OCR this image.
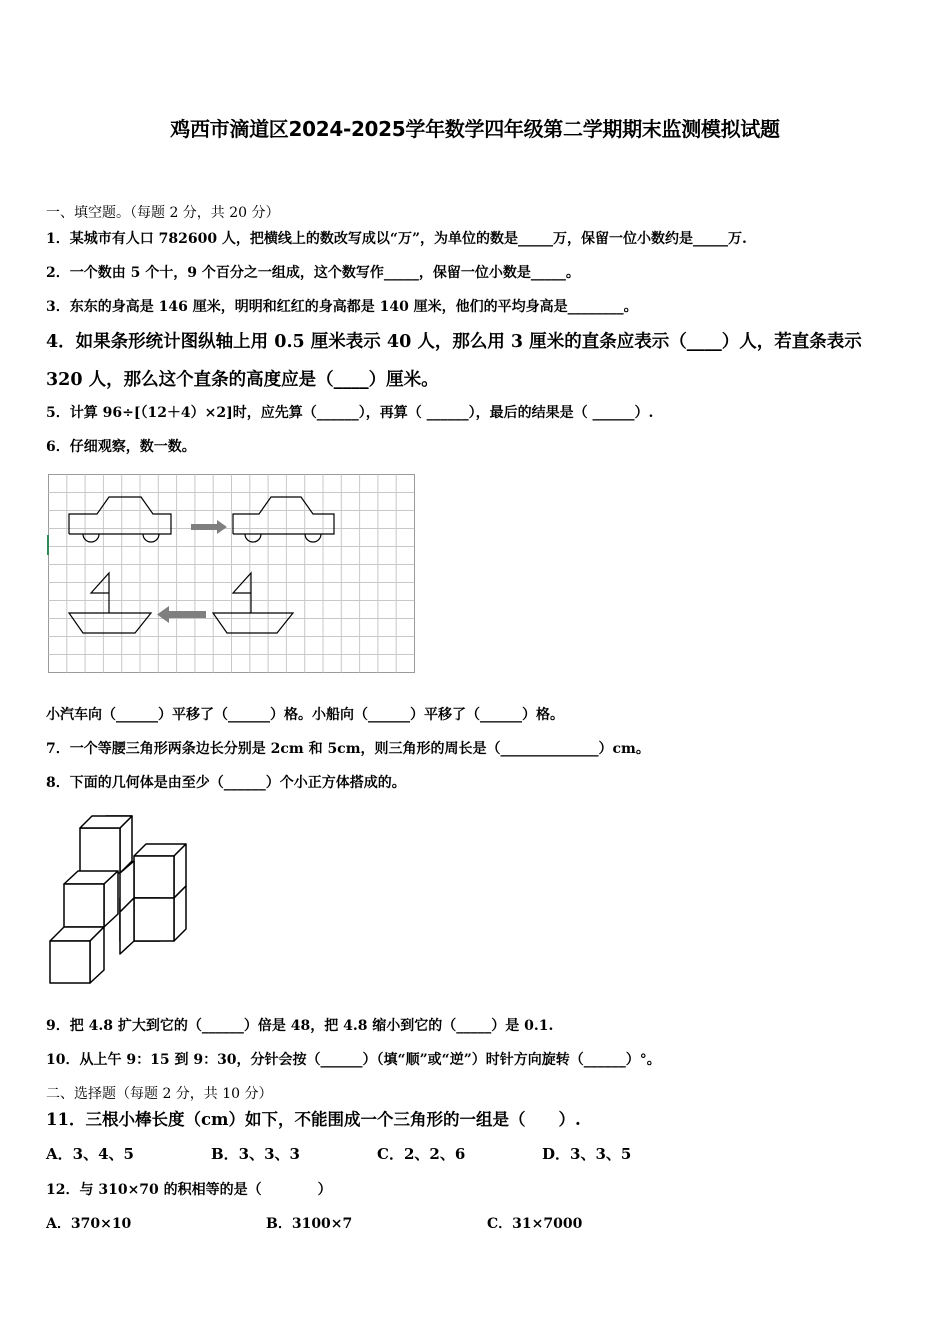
鸡西市滴道区2024-2025学年数学四年级第二学期期末监测模拟试题
一、填空题。（每题 2 分，共 20 分）
1．某城市有人口 782600 人，把横线上的数改写成以“万”，为单位的数是_____万，保留一位小数约是_____万.
2．一个数由 5 个十，9 个百分之一组成，这个数写作_____，保留一位小数是_____。
3．东东的身高是 146 厘米，明明和红红的身高都是 140 厘米，他们的平均身高是________。
4．如果条形统计图纵轴上用 0.5 厘米表示 40 人，那么用 3 厘米的直条应表示（____）人，若直条表示
320 人，那么这个直条的高度应是（____）厘米。
5．计算 96÷[（12＋4）×2]时，应先算（______），再算（ ______），最后的结果是（ ______）.
6．仔细观察，数一数。
小汽车向（______）平移了（______）格。小船向（______）平移了（______）格。
7．一个等腰三角形两条边长分别是 2cm 和 5cm，则三角形的周长是（______________）cm。
8．下面的几何体是由至少（______）个小正方体搭成的。
9．把 4.8 扩大到它的（______）倍是 48，把 4.8 缩小到它的（_____）是 0.1.
10．从上午 9：15 到 9：30，分针会按（______）（填“顺”或“逆”）时针方向旋转（______）°。
二、选择题（每题 2 分，共 10 分）
11．三根小棒长度（cm）如下，不能围成一个三角形的一组是（　　）.
A．3、4、5	B．3、3、3	C．2、2、6	D．3、3、5
12．与 310×70 的积相等的是（　　　　）
A．370×10	B．3100×7	C．31×7000
